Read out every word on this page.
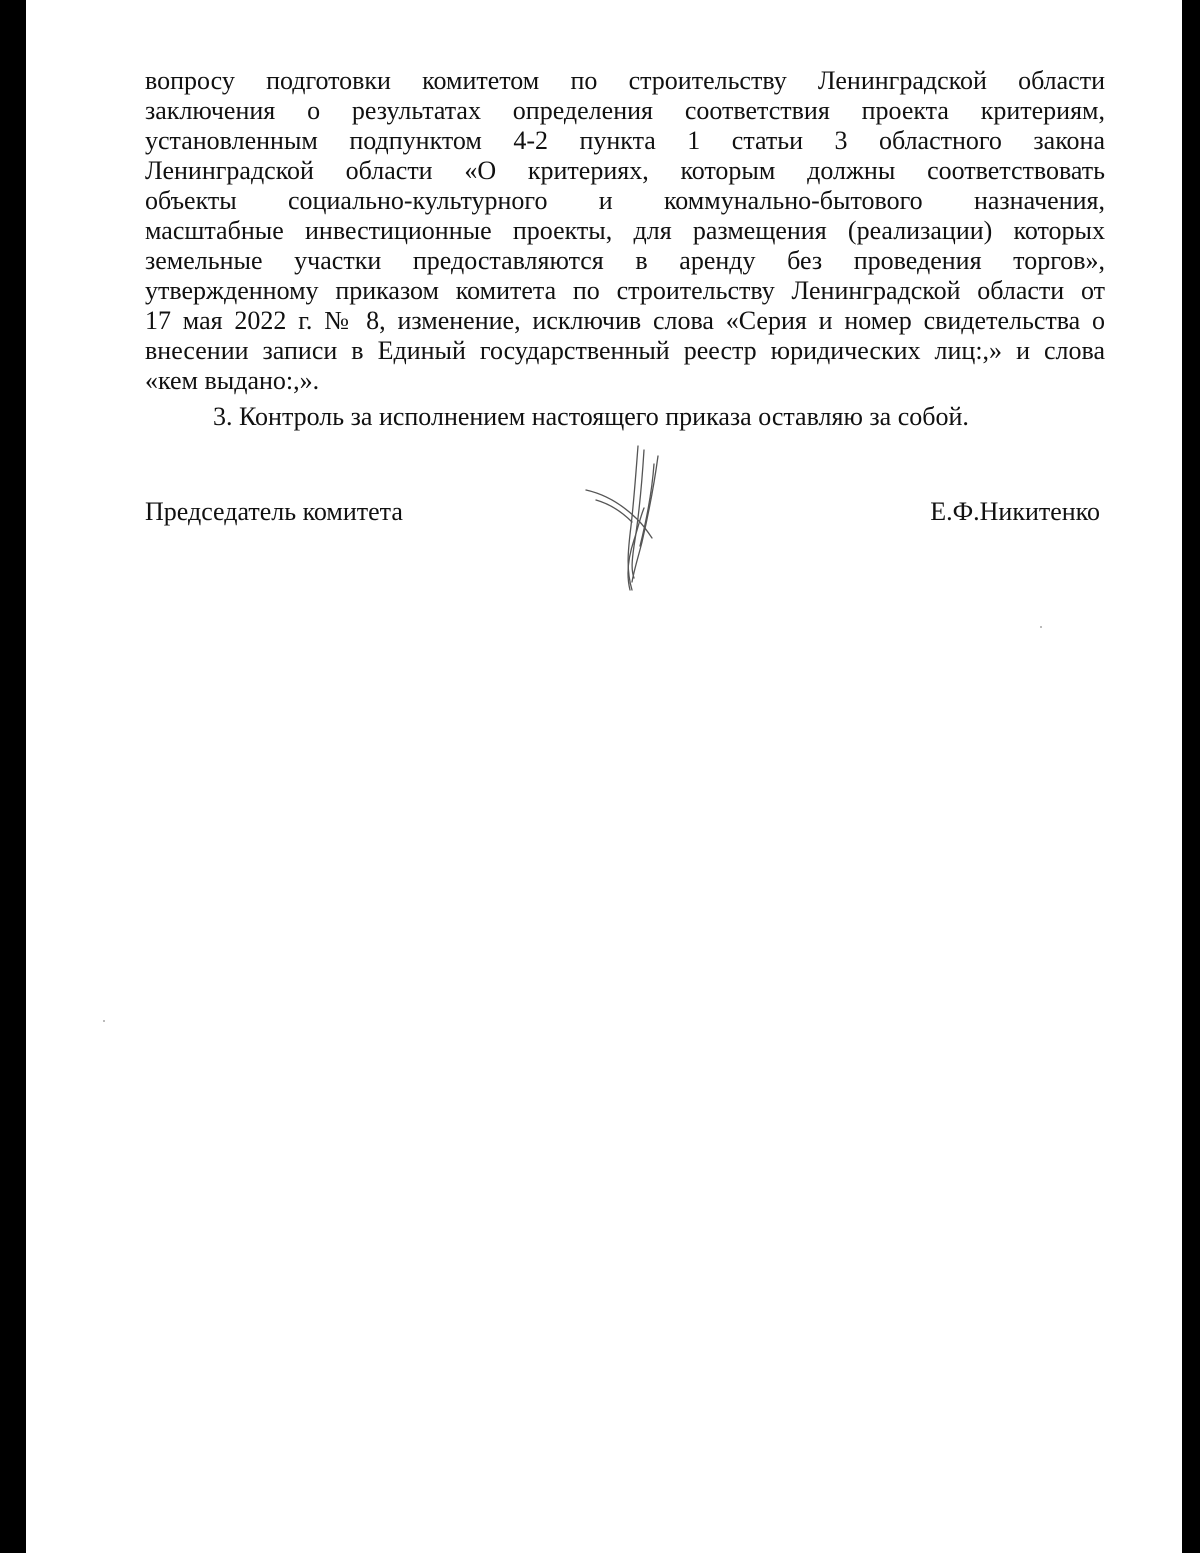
вопросу подготовки комитетом по строительству Ленинградской области
заключения о результатах определения соответствия проекта критериям,
установленным подпунктом 4-2 пункта 1 статьи 3 областного закона
Ленинградской области «О критериях, которым должны соответствовать
объекты социально-культурного и коммунально-бытового назначения,
масштабные инвестиционные проекты, для размещения (реализации) которых
земельные участки предоставляются в аренду без проведения торгов»,
утвержденному приказом комитета по строительству Ленинградской области от
17 мая 2022 г. № 8, изменение, исключив слова «Серия и номер свидетельства о
внесении записи в Единый государственный реестр юридических лиц:,» и слова
«кем выдано:,».

3. Контроль за исполнением настоящего приказа оставляю за собой.

Председатель комитета	Е.Ф.Никитенко
